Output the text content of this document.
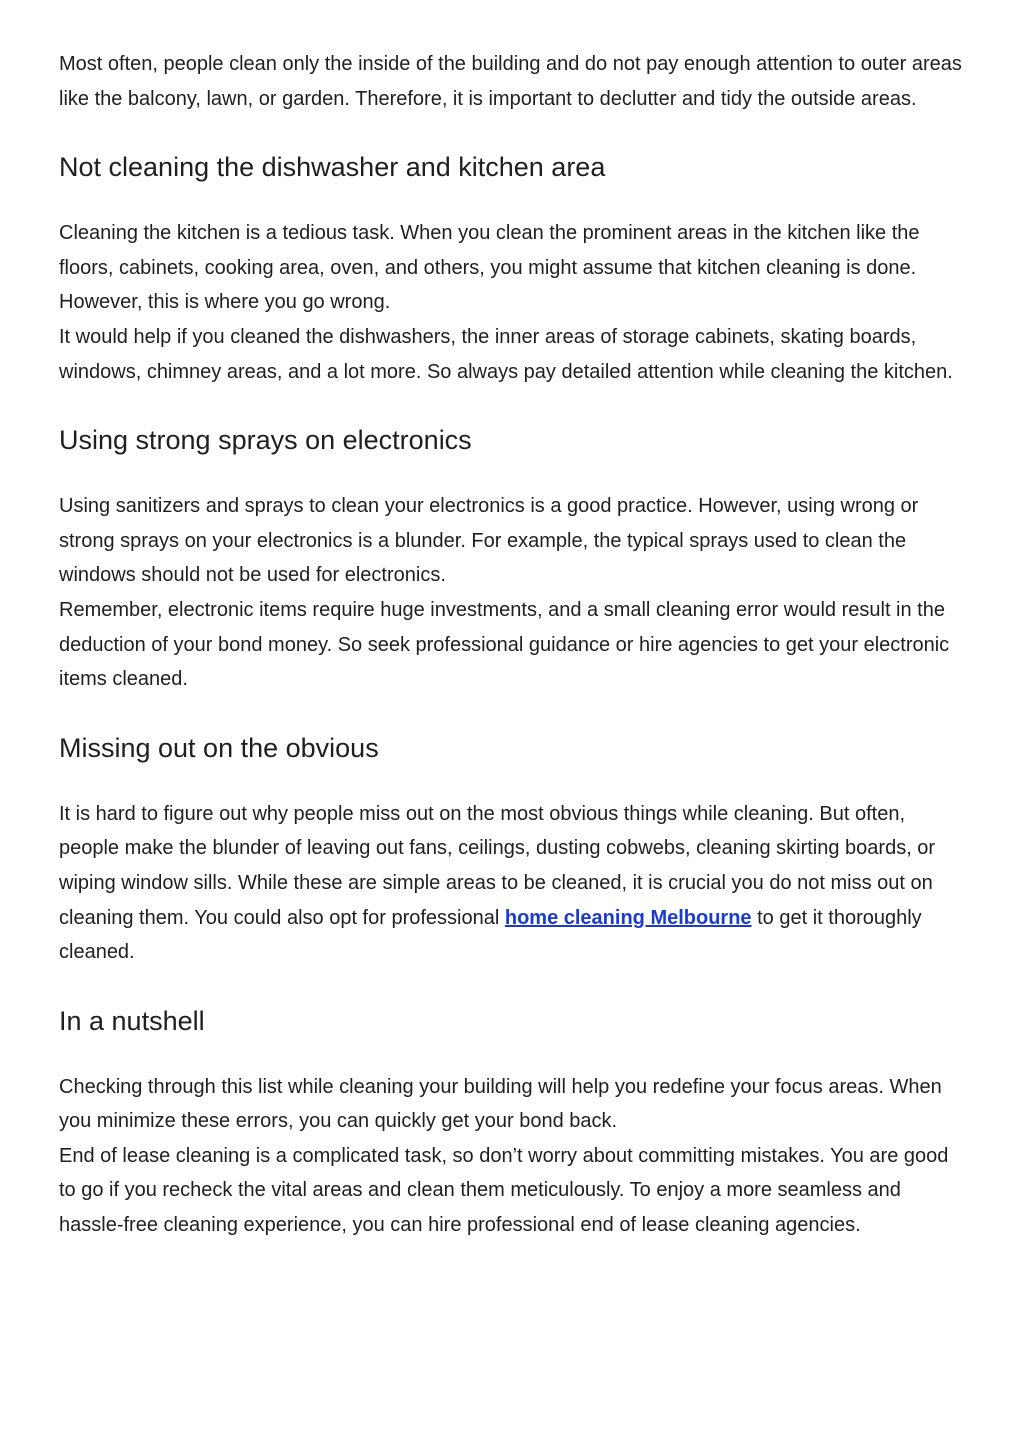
Most often, people clean only the inside of the building and do not pay enough attention to outer areas like the balcony, lawn, or garden. Therefore, it is important to declutter and tidy the outside areas.

Not cleaning the dishwasher and kitchen area

Cleaning the kitchen is a tedious task. When you clean the prominent areas in the kitchen like the floors, cabinets, cooking area, oven, and others, you might assume that kitchen cleaning is done. However, this is where you go wrong.

It would help if you cleaned the dishwashers, the inner areas of storage cabinets, skating boards, windows, chimney areas, and a lot more. So always pay detailed attention while cleaning the kitchen.

Using strong sprays on electronics

Using sanitizers and sprays to clean your electronics is a good practice. However, using wrong or strong sprays on your electronics is a blunder. For example, the typical sprays used to clean the windows should not be used for electronics.

Remember, electronic items require huge investments, and a small cleaning error would result in the deduction of your bond money. So seek professional guidance or hire agencies to get your electronic items cleaned.

Missing out on the obvious

It is hard to figure out why people miss out on the most obvious things while cleaning. But often, people make the blunder of leaving out fans, ceilings, dusting cobwebs, cleaning skirting boards, or wiping window sills. While these are simple areas to be cleaned, it is crucial you do not miss out on cleaning them. You could also opt for professional home cleaning Melbourne to get it thoroughly cleaned.

In a nutshell

Checking through this list while cleaning your building will help you redefine your focus areas. When you minimize these errors, you can quickly get your bond back.

End of lease cleaning is a complicated task, so don’t worry about committing mistakes. You are good to go if you recheck the vital areas and clean them meticulously. To enjoy a more seamless and hassle-free cleaning experience, you can hire professional end of lease cleaning agencies.
